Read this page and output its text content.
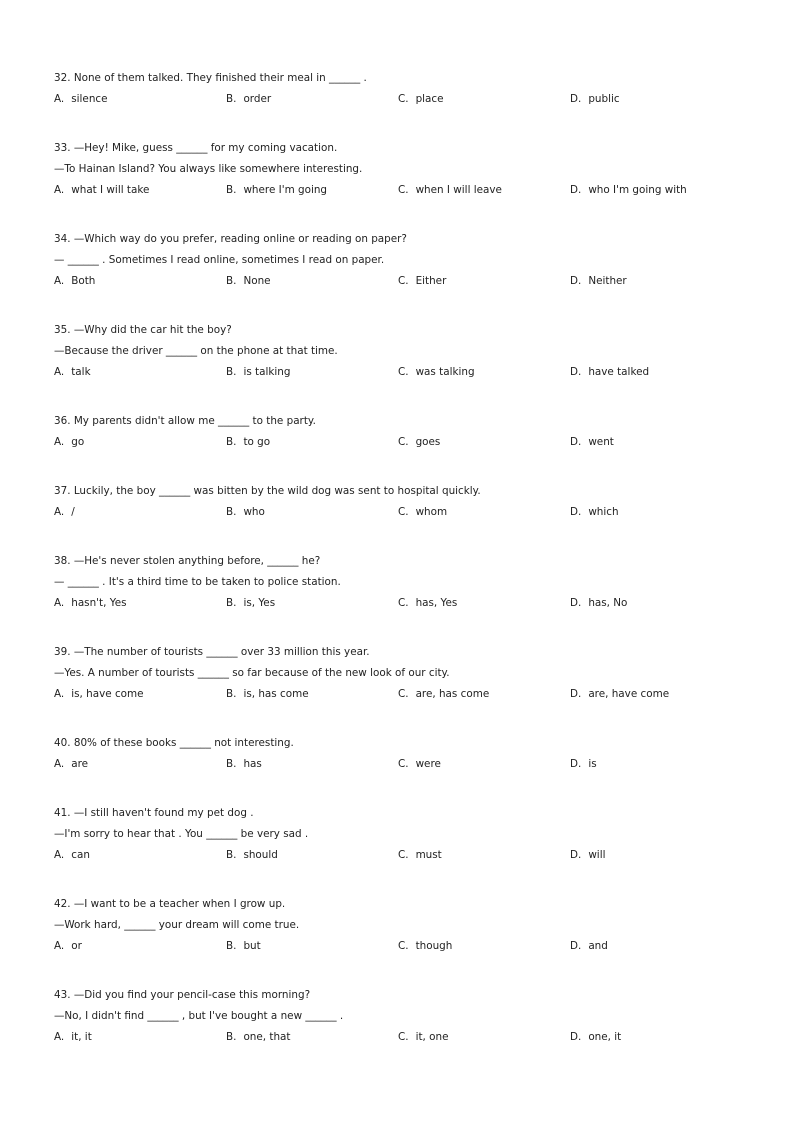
32. None of them talked. They finished their meal in ______ .
A. silence	B. order	C. place	D. public
33. —Hey! Mike, guess ______ for my coming vacation.
—To Hainan Island? You always like somewhere interesting.
A. what I will take	B. where I'm going	C. when I will leave	D. who I'm going with
34. —Which way do you prefer, reading online or reading on paper?
— ______ . Sometimes I read online, sometimes I read on paper.
A. Both	B. None	C. Either	D. Neither
35. —Why did the car hit the boy?
—Because the driver ______ on the phone at that time.
A. talk	B. is talking	C. was talking	D. have talked
36. My parents didn't allow me ______ to the party.
A. go	B. to go	C. goes	D. went
37. Luckily, the boy ______ was bitten by the wild dog was sent to hospital quickly.
A. /	B. who	C. whom	D. which
38. —He's never stolen anything before, ______ he?
— ______ . It's a third time to be taken to police station.
A. hasn't, Yes	B. is, Yes	C. has, Yes	D. has, No
39. —The number of tourists ______ over 33 million this year.
—Yes. A number of tourists ______ so far because of the new look of our city.
A. is, have come	B. is, has come	C. are, has come	D. are, have come
40. 80% of these books ______ not interesting.
A. are	B. has	C. were	D. is
41. —I still haven't found my pet dog .
—I'm sorry to hear that . You ______ be very sad .
A. can	B. should	C. must	D. will
42. —I want to be a teacher when I grow up.
—Work hard, ______ your dream will come true.
A. or	B. but	C. though	D. and
43. —Did you find your pencil-case this morning?
—No, I didn't find ______ , but I've bought a new ______ .
A. it, it	B. one, that	C. it, one	D. one, it
